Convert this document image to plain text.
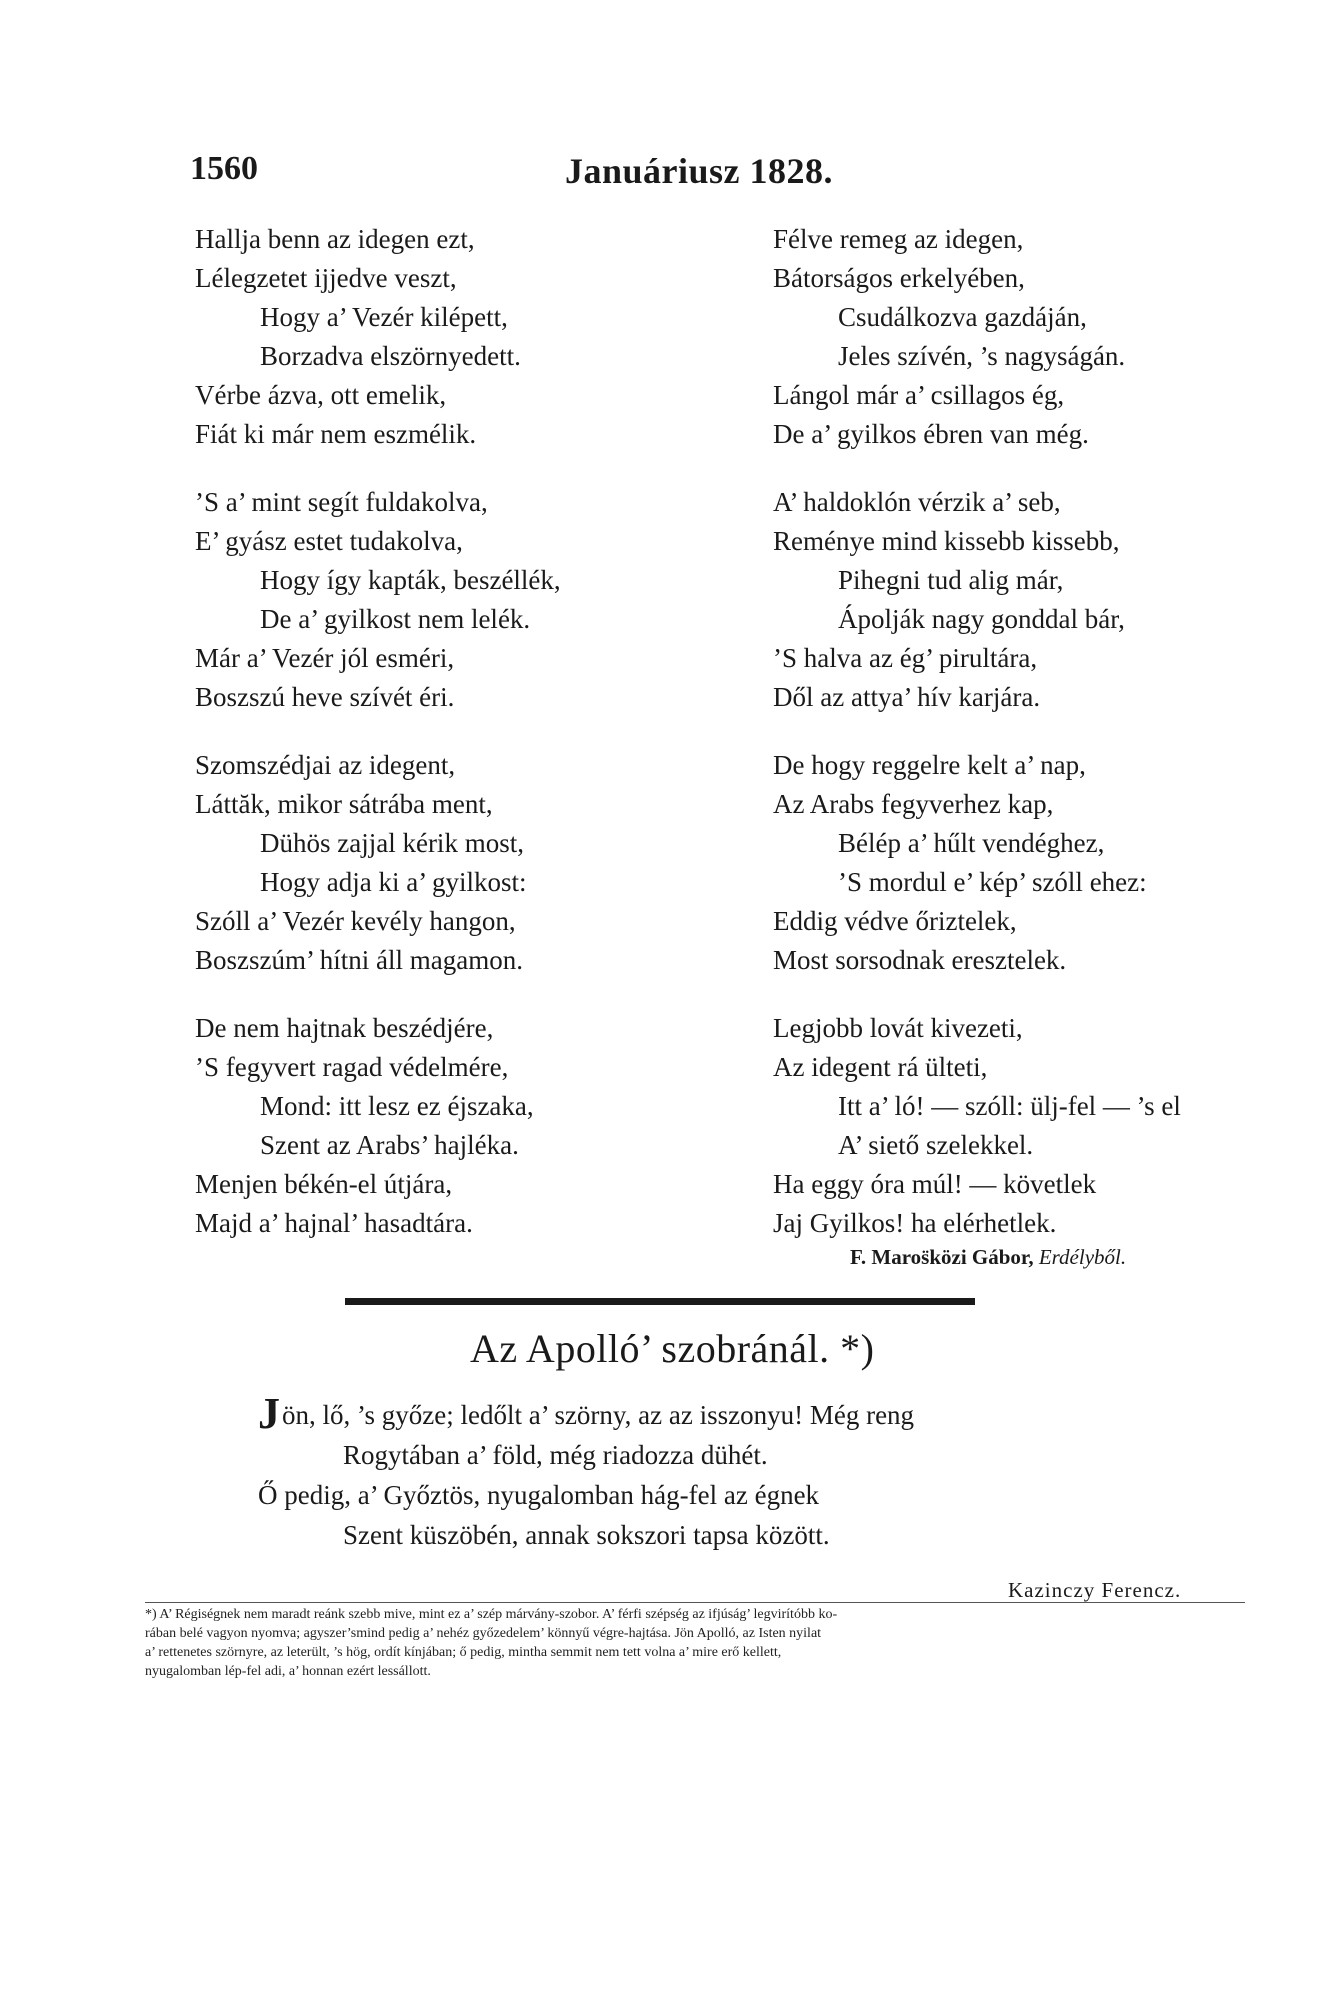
1560	Januáriusz 1828.
Hallja benn az idegen ezt,
Lélegzetet ijjedve veszt,
Hogy a’ Vezér kilépett,
Borzadva elszörnyedett.
Vérbe ázva, ott emelik,
Fiát ki már nem eszmélik.
’S a’ mint segít fuldakolva,
E’ gyász estet tudakolva,
Hogy így kapták, beszéllék,
De a’ gyilkost nem lelék.
Már a’ Vezér jól esméri,
Boszszú heve szívét éri.
Szomszédjai az idegent,
Láttăk, mikor sátrába ment,
Dühös zajjal kérik most,
Hogy adja ki a’ gyilkost:
Szóll a’ Vezér kevély hangon,
Boszszúm’ hítni áll magamon.
De nem hajtnak beszédjére,
’S fegyvert ragad védelmére,
Mond: itt lesz ez éjszaka,
Szent az Arabs’ hajléka.
Menjen békén-el útjára,
Majd a’ hajnal’ hasadtára.
Félve remeg az idegen,
Bátorságos erkelyében,
Csudálkozva gazdáján,
Jeles szívén, ’s nagyságán.
Lángol már a’ csillagos ég,
De a’ gyilkos ébren van még.
A’ haldoklón vérzik a’ seb,
Reménye mind kissebb kissebb,
Pihegni tud alig már,
Ápolják nagy gonddal bár,
’S halva az ég’ pirultára,
Dől az attya’ hív karjára.
De hogy reggelre kelt a’ nap,
Az Arabs fegyverhez kap,
Bélép a’ hűlt vendéghez,
’S mordul e’ kép’ szóll ehez:
Eddig védve őriztelek,
Most sorsodnak eresztelek.
Legjobb lovát kivezeti,
Az idegent rá ülteti,
Itt a’ ló! — szóll: ülj-fel — ’s el
A’ siető szelekkel.
Ha eggy óra múl! — követlek
Jaj Gyilkos! ha elérhetlek.
F. Maros̈közi Gábor, Erdélyből.
Az Apolló’ szobránál. *)
Jön, lő, ’s győze; ledőlt a’ szörny, az az isszonyu! Még reng
Rogytában a’ föld, még riadozza dühét.
Ő pedig, a’ Győztös, nyugalomban hág-fel az égnek
Szent küszöbén, annak sokszori tapsa között.
Kazinczy Ferencz.

*) A’ Régiségnek nem maradt reánk szebb mive, mint ez a’ szép márvány-szobor. A’ férfi szépség az ifjúság’ legvirítóbb ko-

rában belé vagyon nyomva; agyszer’smind pedig a’ nehéz győzedelem’ könnyű végre-hajtása. Jön Apolló, az Isten nyilat

a’ rettenetes szörnyre, az leterült, ’s hög, ordít kínjában; ő pedig, mintha semmit nem tett volna a’ mire erő kellett,

nyugalomban lép-fel adi, a’ honnan ezért lessállott.
